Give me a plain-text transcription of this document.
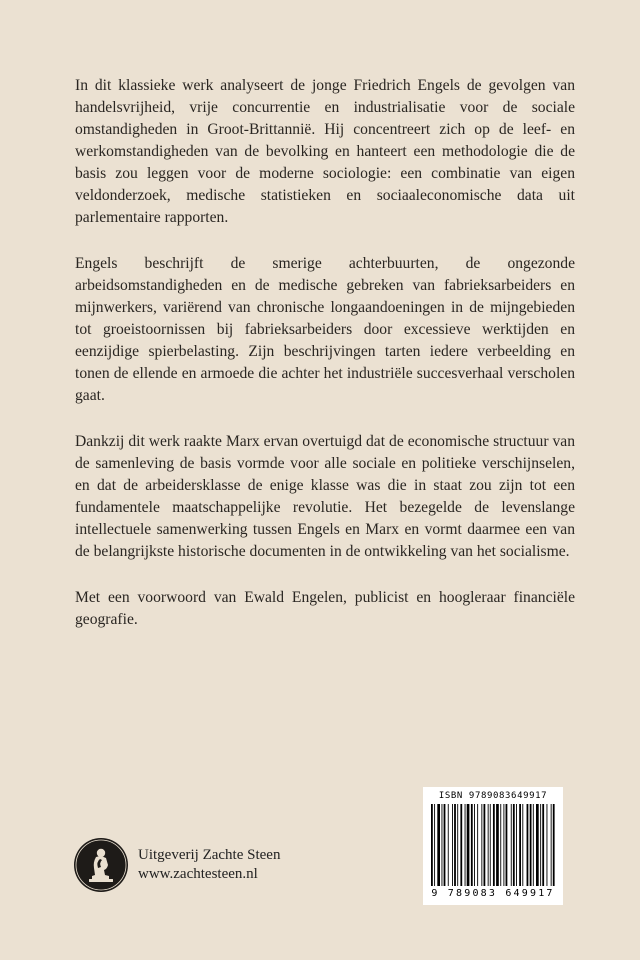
In dit klassieke werk analyseert de jonge Friedrich Engels de gevolgen van handelsvrijheid, vrije concurrentie en industrialisatie voor de sociale omstandigheden in Groot-Brittannië. Hij concentreert zich op de leef- en werkomstandigheden van de bevolking en hanteert een methodologie die de basis zou leggen voor de moderne sociologie: een combinatie van eigen veldonderzoek, medische statistieken en sociaaleconomische data uit parlementaire rapporten.

Engels beschrijft de smerige achterbuurten, de ongezonde arbeidsomstandigheden en de medische gebreken van fabrieksarbeiders en mijnwerkers, variërend van chronische longaandoeningen in de mijngebieden tot groeistoornissen bij fabrieksarbeiders door excessieve werktijden en eenzijdige spierbelasting. Zijn beschrijvingen tarten iedere verbeelding en tonen de ellende en armoede die achter het industriële succesverhaal verscholen gaat.

Dankzij dit werk raakte Marx ervan overtuigd dat de economische structuur van de samenleving de basis vormde voor alle sociale en politieke verschijnselen, en dat de arbeidersklasse de enige klasse was die in staat zou zijn tot een fundamentele maatschappelijke revolutie. Het bezegelde de levenslange intellectuele samenwerking tussen Engels en Marx en vormt daarmee een van de belangrijkste historische documenten in de ontwikkeling van het socialisme.

Met een voorwoord van Ewald Engelen, publicist en hoogleraar financiële geografie.

Uitgeverij Zachte Steen
www.zachtesteen.nl
ISBN 9789083649917
9 789083 649917
